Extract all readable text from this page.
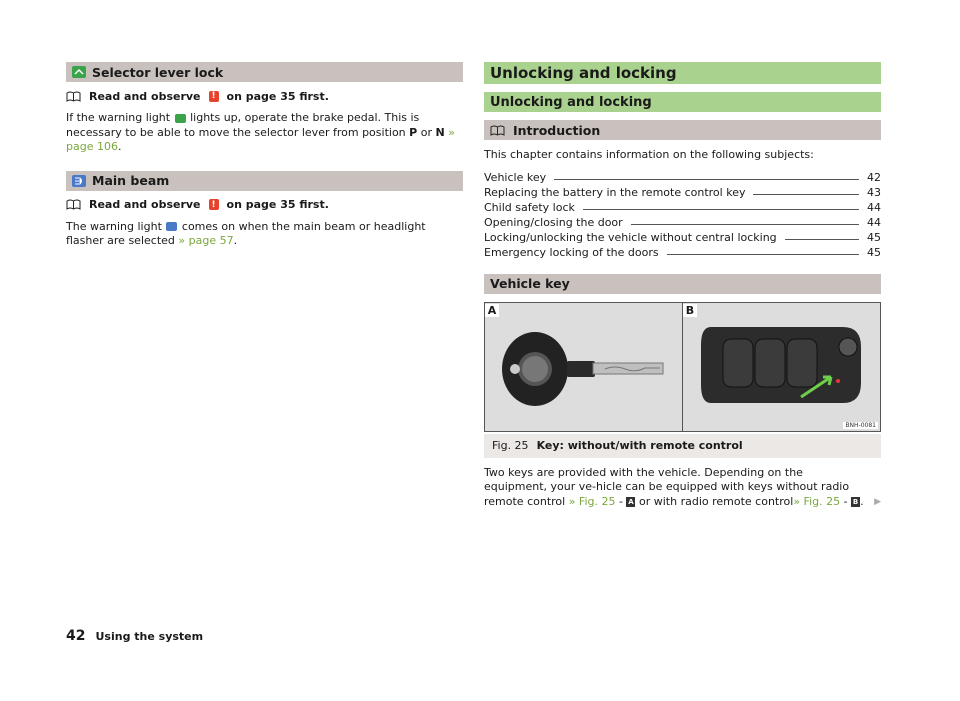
Selector lever lock
Read and observe	! on page 35 first.

If the warning light lights up, operate the brake pedal. This is necessary to be able to move the selector lever from position P or N » page 106.

Main beam
Read and observe	! on page 35 first.

The warning light comes on when the main beam or headlight flasher are selected » page 57.

Unlocking and locking
Unlocking and locking
Introduction

This chapter contains information on the following subjects:

Vehicle key	42
Replacing the battery in the remote control key	43
Child safety lock	44
Opening/closing the door	44
Locking/unlocking the vehicle without central locking	45
Emergency locking of the doors	45
Vehicle key
A	B
BNH-0081
Fig. 25 Key: without/with remote control

Two keys are provided with the vehicle. Depending on the equipment, your ve-hicle can be equipped with keys without radio remote control » Fig. 25 - A or with radio remote control» Fig. 25 - B . ▶

42 Using the system
